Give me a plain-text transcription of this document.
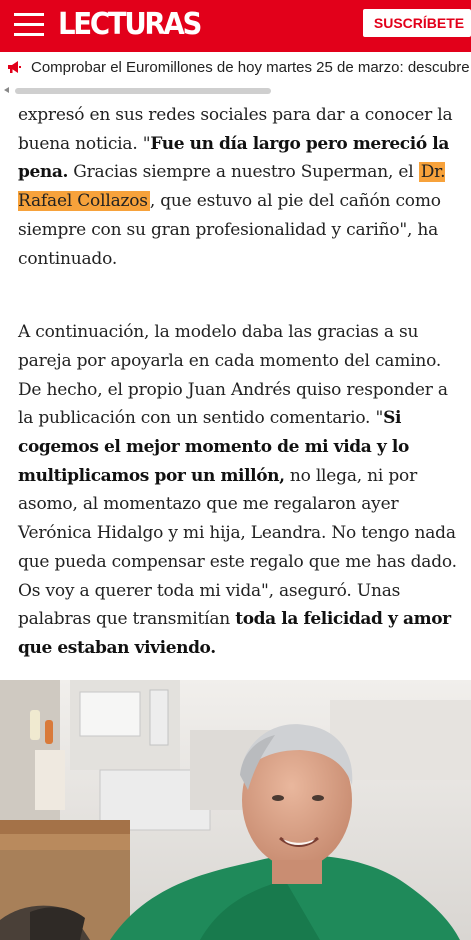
LECTURAS	SUSCRÍBETE
Comprobar el Euromillones de hoy martes 25 de marzo: descubre

expresó en sus redes sociales para dar a conocer la buena noticia. "Fue un día largo pero mereció la pena. Gracias siempre a nuestro Superman, el Dr. Rafael Collazos , que estuvo al pie del cañón como siempre con su gran profesionalidad y cariño", ha continuado.

A continuación, la modelo daba las gracias a su pareja por apoyarla en cada momento del camino. De hecho, el propio Juan Andrés quiso responder a la publicación con un sentido comentario. "Si cogemos el mejor momento de mi vida y lo multiplicamos por un millón, no llega, ni por asomo, al momentazo que me regalaron ayer Verónica Hidalgo y mi hija, Leandra. No tengo nada que pueda compensar este regalo que me has dado. Os voy a querer toda mi vida", aseguró. Unas palabras que transmitían toda la felicidad y amor que estaban viviendo.
